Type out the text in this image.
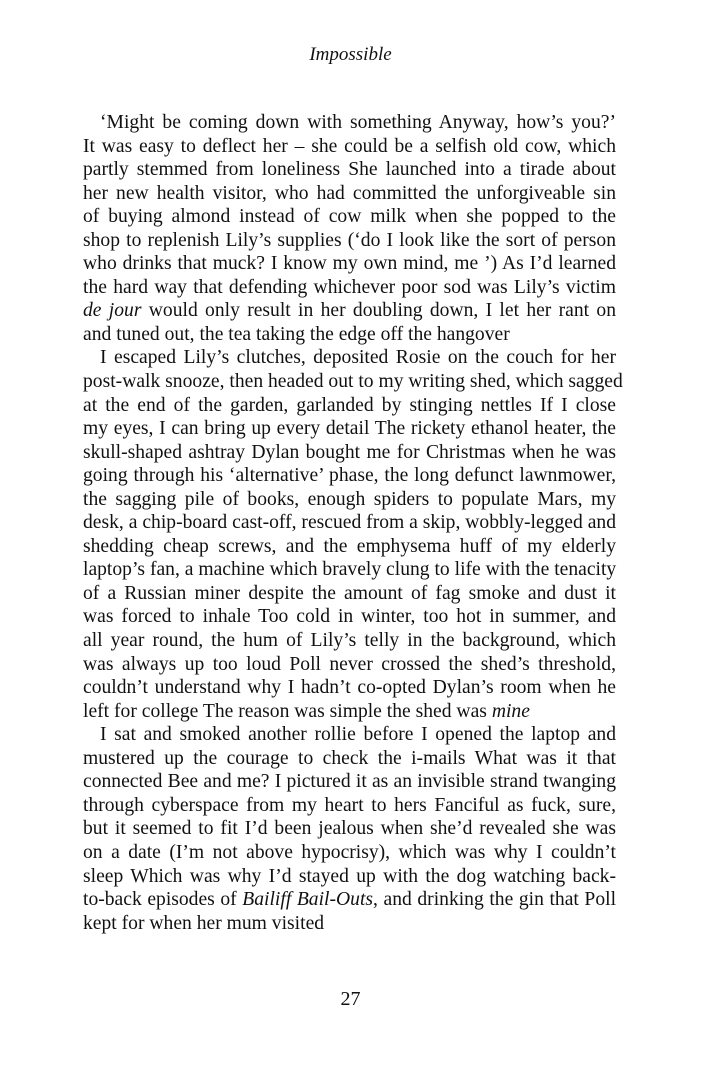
Impossible
‘Might be coming down with something Anyway, how’s you?’
It was easy to deflect her – she could be a selfish old cow, which
partly stemmed from loneliness She launched into a tirade about
her new health visitor, who had committed the unforgiveable sin
of buying almond instead of cow milk when she popped to the
shop to replenish Lily’s supplies (‘do I look like the sort of person
who drinks that muck? I know my own mind, me ’) As I’d learned
the hard way that defending whichever poor sod was Lily’s victim
de jour would only result in her doubling down, I let her rant on
and tuned out, the tea taking the edge off the hangover
I escaped Lily’s clutches, deposited Rosie on the couch for her
post-walk snooze, then headed out to my writing shed, which sagged
at the end of the garden, garlanded by stinging nettles If I close
my eyes, I can bring up every detail The rickety ethanol heater, the
skull-shaped ashtray Dylan bought me for Christmas when he was
going through his ‘alternative’ phase, the long defunct lawnmower,
the sagging pile of books, enough spiders to populate Mars, my
desk, a chip-board cast-off, rescued from a skip, wobbly-legged and
shedding cheap screws, and the emphysema huff of my elderly
laptop’s fan, a machine which bravely clung to life with the tenacity
of a Russian miner despite the amount of fag smoke and dust it
was forced to inhale Too cold in winter, too hot in summer, and
all year round, the hum of Lily’s telly in the background, which
was always up too loud Poll never crossed the shed’s threshold,
couldn’t understand why I hadn’t co-opted Dylan’s room when he
left for college The reason was simple the shed was mine
I sat and smoked another rollie before I opened the laptop and
mustered up the courage to check the i-mails What was it that
connected Bee and me? I pictured it as an invisible strand twanging
through cyberspace from my heart to hers Fanciful as fuck, sure,
but it seemed to fit I’d been jealous when she’d revealed she was
on a date (I’m not above hypocrisy), which was why I couldn’t
sleep Which was why I’d stayed up with the dog watching back-
to-back episodes of Bailiff Bail-Outs, and drinking the gin that Poll
kept for when her mum visited
27
